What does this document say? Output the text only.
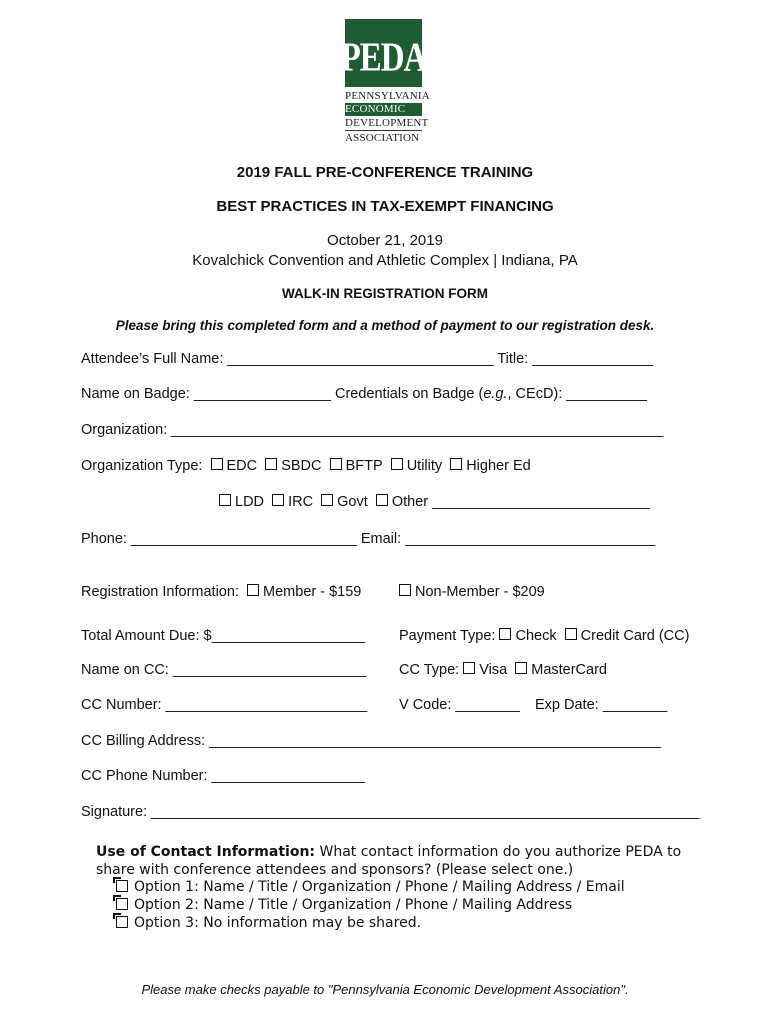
PEDA
PENNSYLVANIA
ECONOMIC
DEVELOPMENT
ASSOCIATION
2019 FALL PRE-CONFERENCE TRAINING
BEST PRACTICES IN TAX-EXEMPT FINANCING
October 21, 2019
Kovalchick Convention and Athletic Complex | Indiana, PA
WALK-IN REGISTRATION FORM
Please bring this completed form and a method of payment to our registration desk.
Attendee’s Full Name: _________________________________ Title: _______________
Name on Badge: _________________ Credentials on Badge (e.g., CEcD): __________
Organization: _____________________________________________________________
Organization Type: EDC SBDC BFTP Utility Higher Ed
LDD IRC Govt Other ___________________________
Phone: ____________________________ Email: _______________________________
Registration Information: Member - $159	Non-Member - $209
Total Amount Due: $___________________ Payment Type: Check Credit Card (CC)
Name on CC: ________________________ CC Type: Visa MasterCard
CC Number: _________________________ V Code: ________ Exp Date: ________
CC Billing Address: ________________________________________________________
CC Phone Number: ___________________
Signature: ____________________________________________________________________
Use of Contact Information: What contact information do you authorize PEDA to
share with conference attendees and sponsors? (Please select one.)
Option 1: Name / Title / Organization / Phone / Mailing Address / Email
Option 2: Name / Title / Organization / Phone / Mailing Address
Option 3: No information may be shared.
Please make checks payable to "Pennsylvania Economic Development Association".
